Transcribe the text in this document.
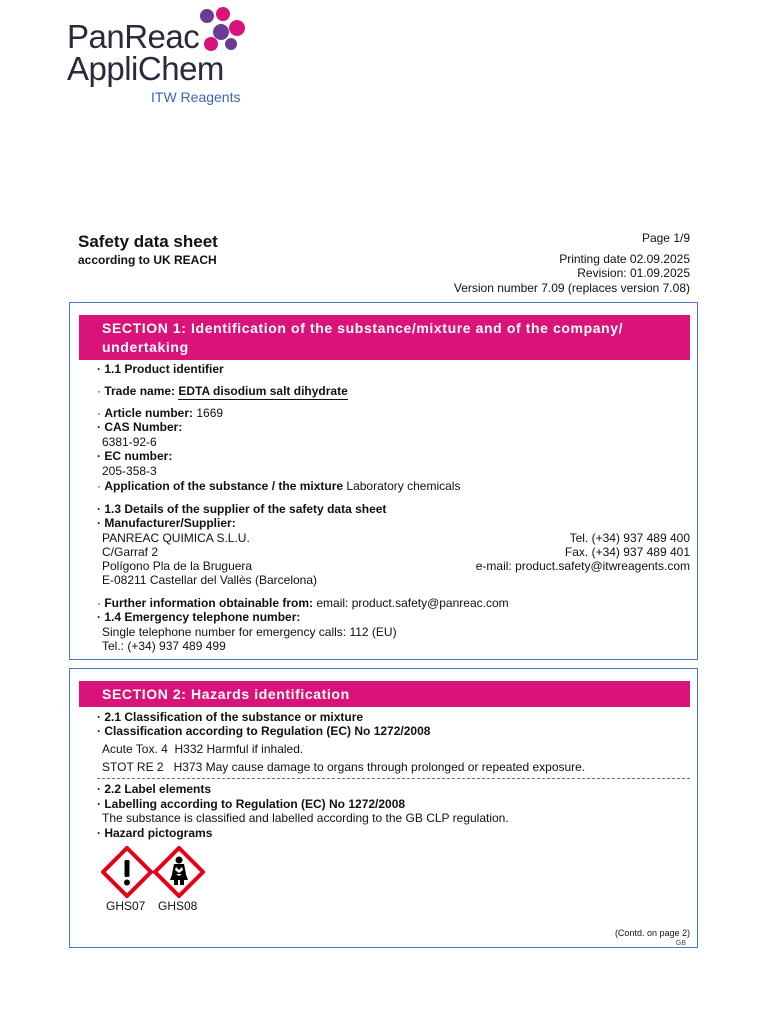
PanReac
AppliChem
ITW Reagents
Safety data sheet
according to UK REACH
Page 1/9
Printing date 02.09.2025
Revision: 01.09.2025
Version number 7.09 (replaces version 7.08)
SECTION 1: Identification of the substance/mixture and of the company/
undertaking
· 1.1 Product identifier
· Trade name: EDTA disodium salt dihydrate
· Article number: 1669
· CAS Number:
6381-92-6
· EC number:
205-358-3
· Application of the substance / the mixture Laboratory chemicals
· 1.3 Details of the supplier of the safety data sheet
· Manufacturer/Supplier:
PANREAC QUIMICA S.L.U.
C/Garraf 2
Polígono Pla de la Bruguera
E-08211 Castellar del Vallès (Barcelona)
Tel. (+34) 937 489 400
Fax. (+34) 937 489 401
e-mail: product.safety@itwreagents.com
· Further information obtainable from: email: product.safety@panreac.com
· 1.4 Emergency telephone number:
Single telephone number for emergency calls: 112 (EU)
Tel.: (+34) 937 489 499
SECTION 2: Hazards identification
· 2.1 Classification of the substance or mixture
· Classification according to Regulation (EC) No 1272/2008
Acute Tox. 4  H332 Harmful if inhaled.
STOT RE 2   H373 May cause damage to organs through prolonged or repeated exposure.
· 2.2 Label elements
· Labelling according to Regulation (EC) No 1272/2008
The substance is classified and labelled according to the GB CLP regulation.
· Hazard pictograms
GHS07 GHS08
(Contd. on page 2)
GB
